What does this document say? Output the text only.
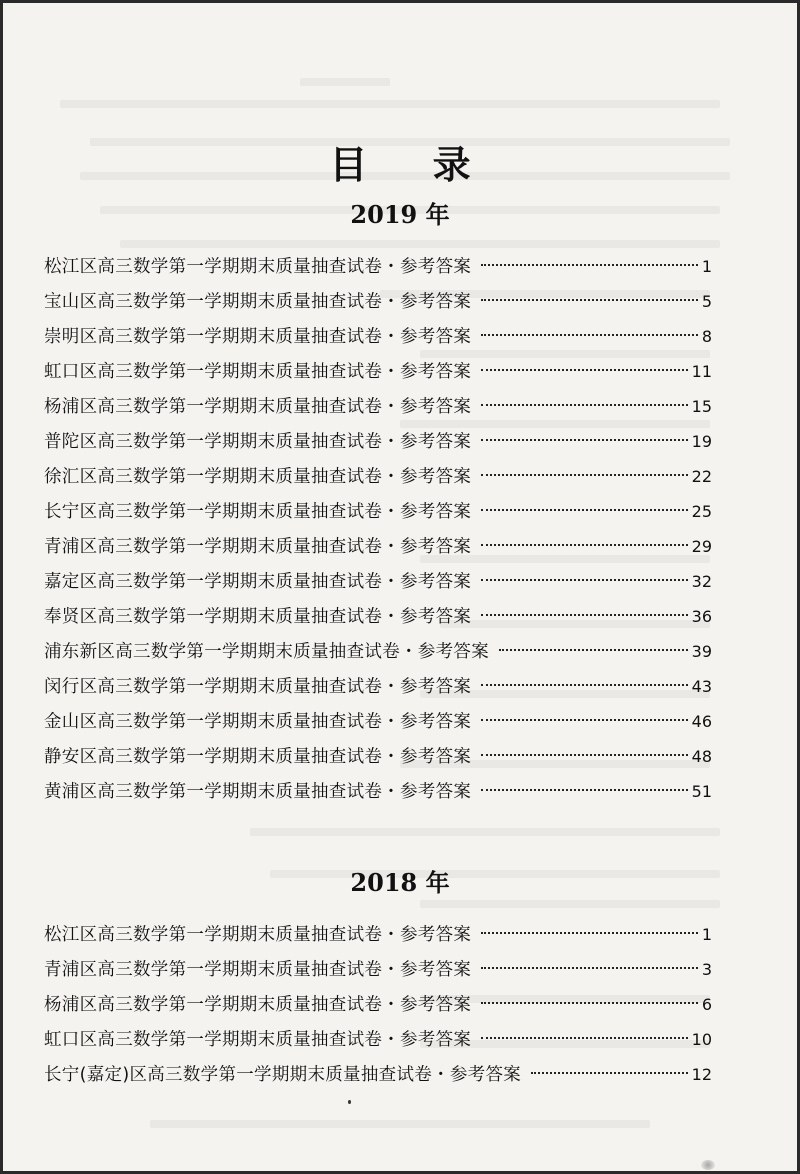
目 录
2019 年
松江区高三数学第一学期期末质量抽查试卷・参考答案	1
宝山区高三数学第一学期期末质量抽查试卷・参考答案	5
崇明区高三数学第一学期期末质量抽查试卷・参考答案	8
虹口区高三数学第一学期期末质量抽查试卷・参考答案	11
杨浦区高三数学第一学期期末质量抽查试卷・参考答案	15
普陀区高三数学第一学期期末质量抽查试卷・参考答案	19
徐汇区高三数学第一学期期末质量抽查试卷・参考答案	22
长宁区高三数学第一学期期末质量抽查试卷・参考答案	25
青浦区高三数学第一学期期末质量抽查试卷・参考答案	29
嘉定区高三数学第一学期期末质量抽查试卷・参考答案	32
奉贤区高三数学第一学期期末质量抽查试卷・参考答案	36
浦东新区高三数学第一学期期末质量抽查试卷・参考答案	39
闵行区高三数学第一学期期末质量抽查试卷・参考答案	43
金山区高三数学第一学期期末质量抽查试卷・参考答案	46
静安区高三数学第一学期期末质量抽查试卷・参考答案	48
黄浦区高三数学第一学期期末质量抽查试卷・参考答案	51
2018 年
松江区高三数学第一学期期末质量抽查试卷・参考答案	1
青浦区高三数学第一学期期末质量抽查试卷・参考答案	3
杨浦区高三数学第一学期期末质量抽查试卷・参考答案	6
虹口区高三数学第一学期期末质量抽查试卷・参考答案	10
长宁(嘉定)区高三数学第一学期期末质量抽查试卷・参考答案	12
